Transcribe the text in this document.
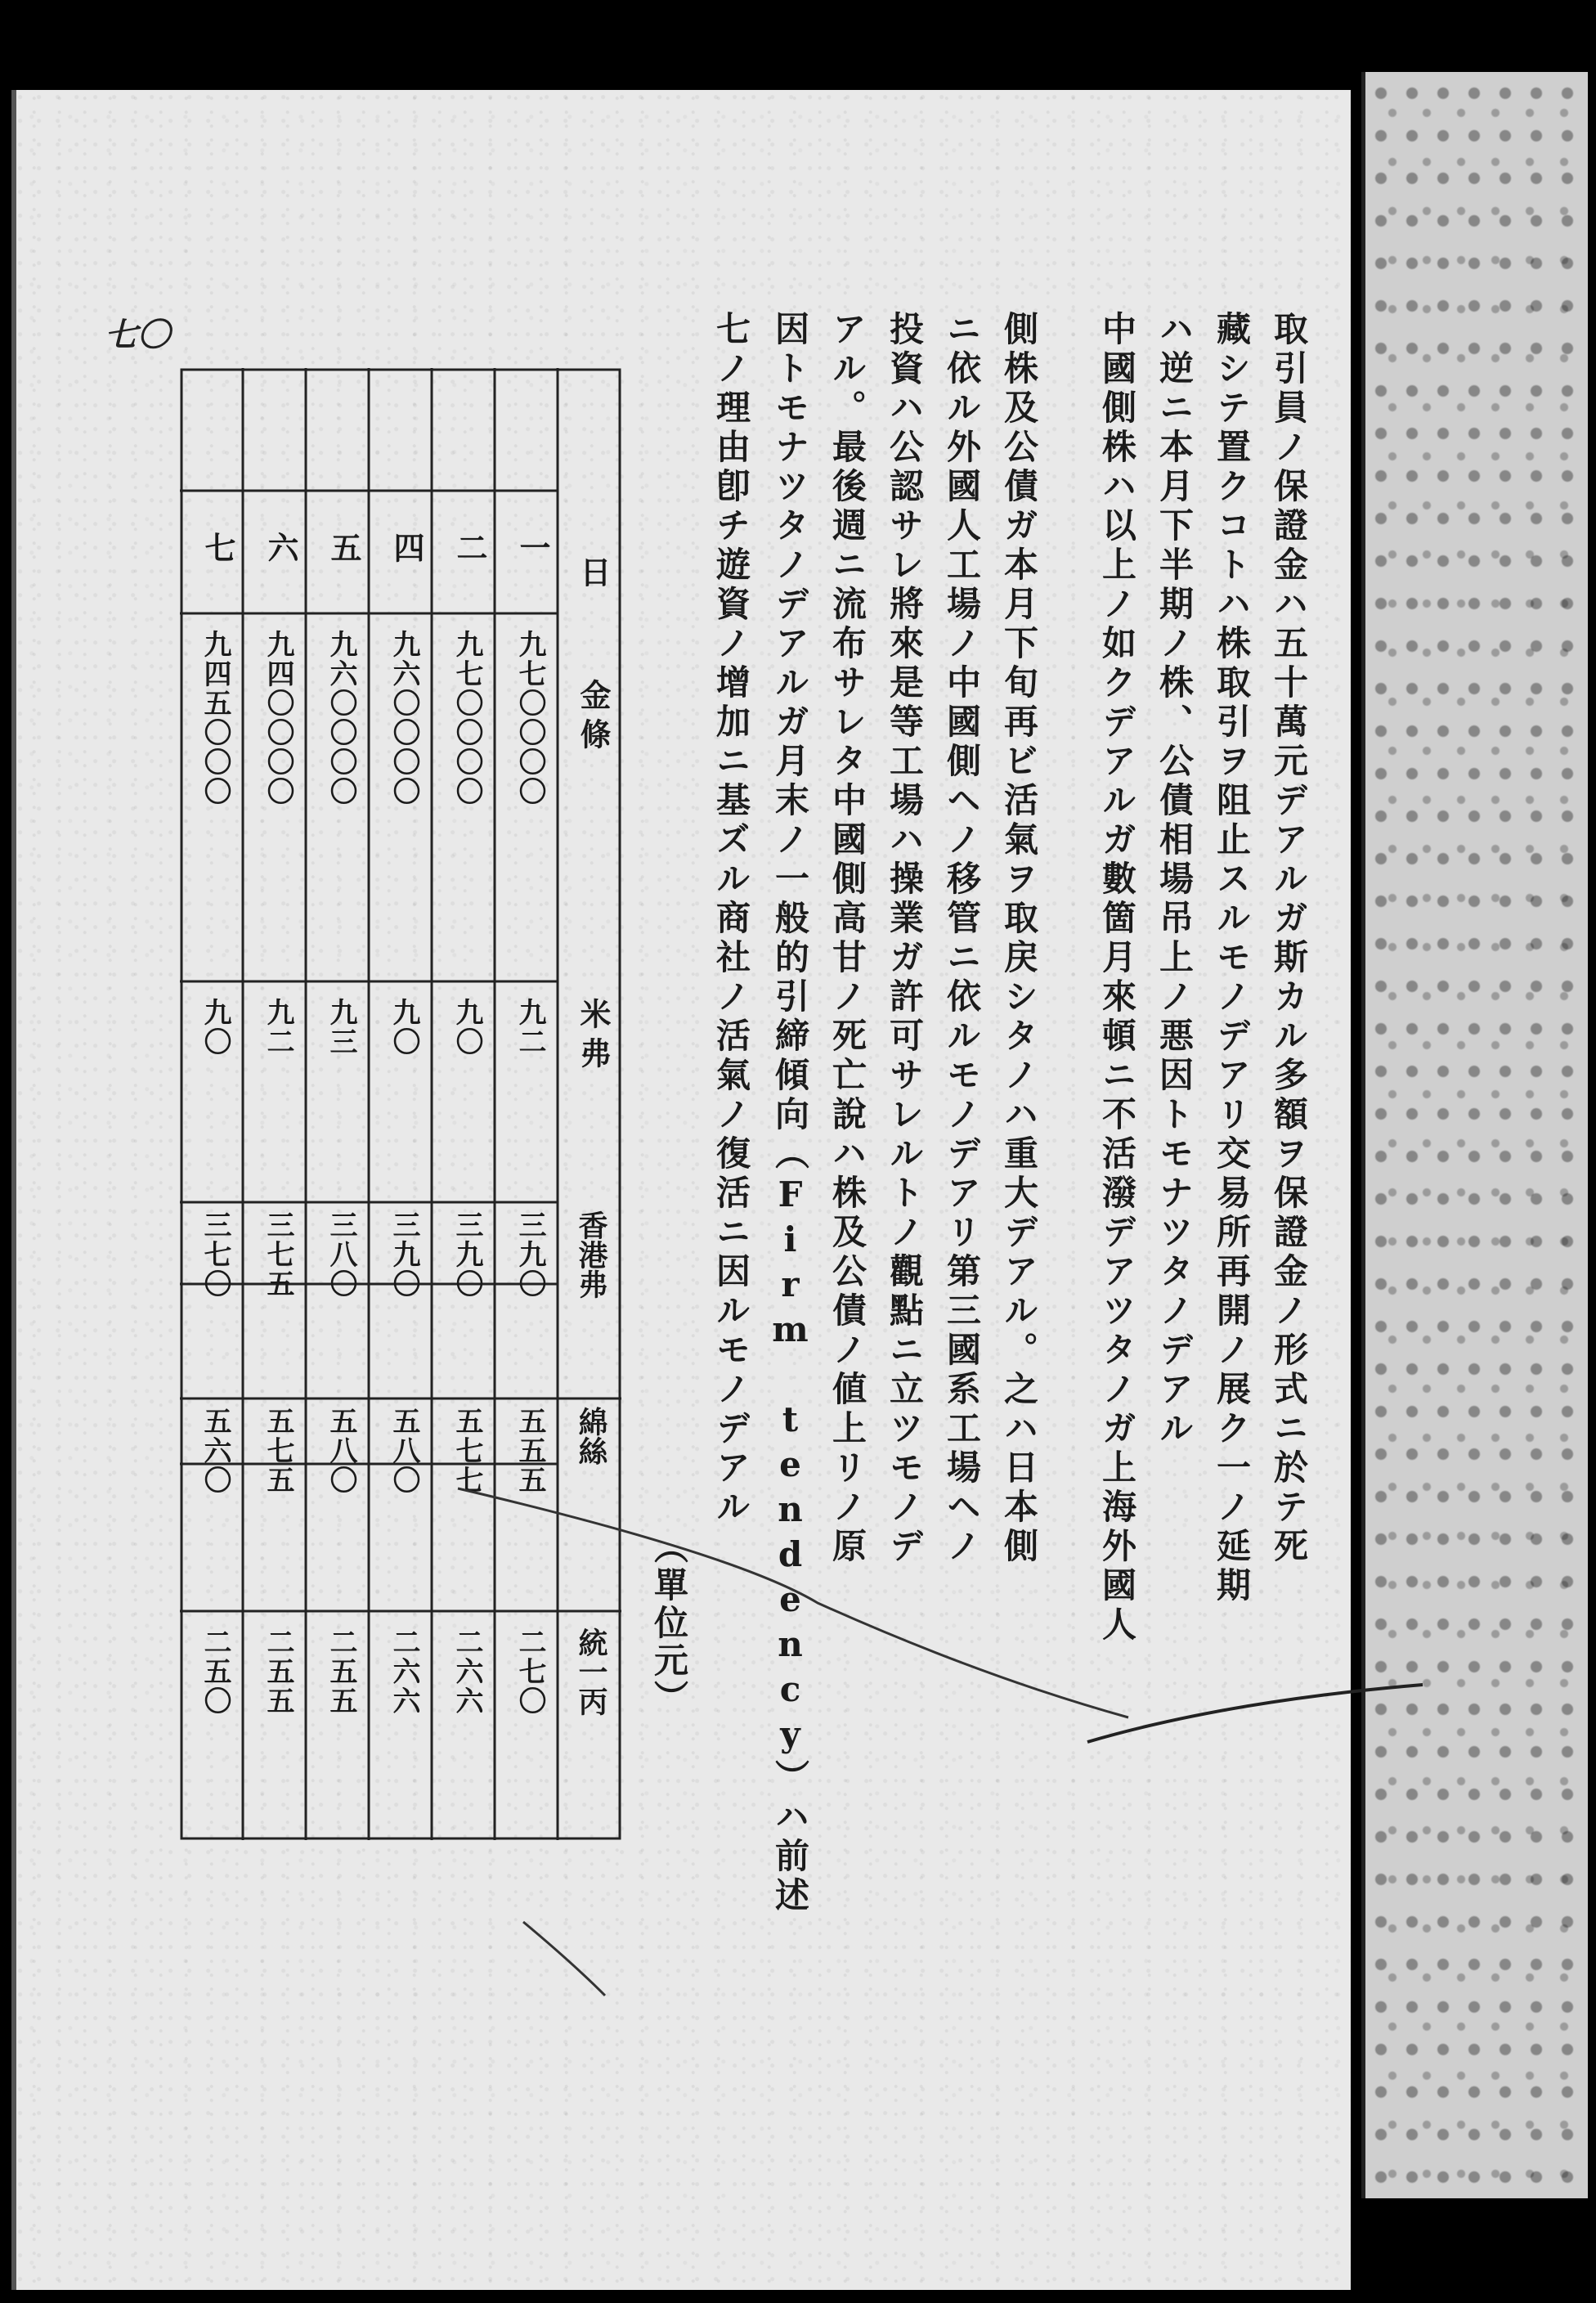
七〇	取引員ノ保證金ハ五十萬元デアルガ斯カル多額ヲ保證金ノ形式ニ於テ死
藏シテ置クコトハ株取引ヲ阻止スルモノデアリ交易所再開ノ展ク一ノ延期
ハ逆ニ本月下半期ノ株、公債相場吊上ノ悪因トモナツタノデアル
中國側株ハ以上ノ如クデアルガ數箇月來頓ニ不活潑デアツタノガ上海外國人
側株及公債ガ本月下旬再ビ活氣ヲ取戻シタノハ重大デアル。之ハ日本側
ニ依ル外國人工場ノ中國側ヘノ移管ニ依ルモノデアリ第三國系工場ヘノ
投資ハ公認サレ將來是等工場ハ操業ガ許可サレルトノ觀點ニ立ツモノデ
アル。最後週ニ流布サレタ中國側高甘ノ死亡說ハ株及公債ノ値上リノ原
因トモナツタノデアルガ月末ノ一般的引締傾向（Firm tendency）ハ前述
七ノ理由卽チ遊資ノ增加ニ基ズル商社ノ活氣ノ復活ニ因ルモノデアル
（單位元）
日
金條
米弗
香港弗
綿絲
統一丙
一
九七〇〇〇〇
九二
三九〇
五五五
二七〇
二
九七〇〇〇〇
九〇
三九〇
五七七
二六六
四
九六〇〇〇〇
九〇
三九〇
五八〇
二六六
五
九六〇〇〇〇
九三
三八〇
五八〇
二五五
六
九四〇〇〇〇
九二
三七五
五七五
二五五
七
九四五〇〇〇
九〇
三七〇
五六〇
二五〇
